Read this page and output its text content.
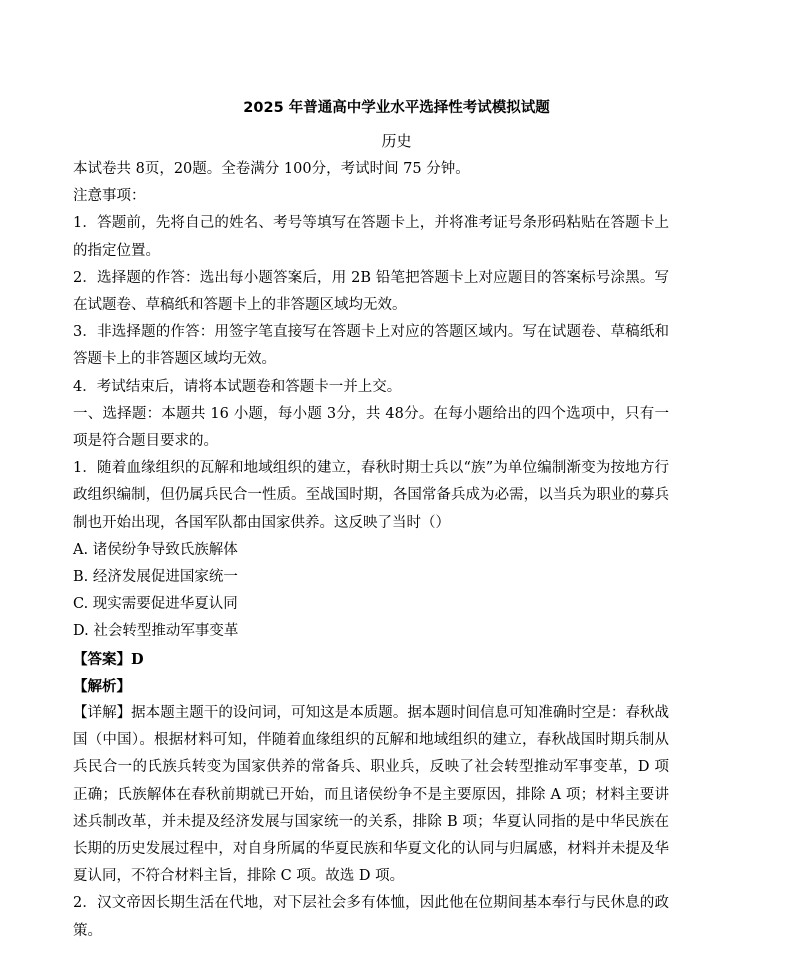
2025 年普通高中学业水平选择性考试模拟试题
历史

本试卷共 8页，20题。全卷满分 100分，考试时间 75 分钟。

注意事项：

1．答题前，先将自己的姓名、考号等填写在答题卡上，并将准考证号条形码粘贴在答题卡上的指定位置。

2．选择题的作答：选出每小题答案后，用 2B 铅笔把答题卡上对应题目的答案标号涂黑。写在试题卷、草稿纸和答题卡上的非答题区域均无效。

3．非选择题的作答：用签字笔直接写在答题卡上对应的答题区域内。写在试题卷、草稿纸和答题卡上的非答题区域均无效。

4．考试结束后，请将本试题卷和答题卡一并上交。

一、选择题：本题共 16 小题，每小题 3分，共 48分。在每小题给出的四个选项中，只有一项是符合题目要求的。

1．随着血缘组织的瓦解和地域组织的建立，春秋时期士兵以“族”为单位编制渐变为按地方行政组织编制，但仍属兵民合一性质。至战国时期，各国常备兵成为必需，以当兵为职业的募兵制也开始出现，各国军队都由国家供养。这反映了当时（）

A. 诸侯纷争导致氏族解体
B. 经济发展促进国家统一
C. 现实需要促进华夏认同
D. 社会转型推动军事变革

【答案】D

【解析】

【详解】据本题主题干的设问词，可知这是本质题。据本题时间信息可知准确时空是：春秋战国（中国）。根据材料可知，伴随着血缘组织的瓦解和地域组织的建立，春秋战国时期兵制从兵民合一的氏族兵转变为国家供养的常备兵、职业兵，反映了社会转型推动军事变革，D 项正确；氏族解体在春秋前期就已开始，而且诸侯纷争不是主要原因，排除 A 项；材料主要讲述兵制改革，并未提及经济发展与国家统一的关系，排除 B 项；华夏认同指的是中华民族在长期的历史发展过程中，对自身所属的华夏民族和华夏文化的认同与归属感，材料并未提及华夏认同，不符合材料主旨，排除 C 项。故选 D 项。

2．汉文帝因长期生活在代地，对下层社会多有体恤，因此他在位期间基本奉行与民休息的政策。
